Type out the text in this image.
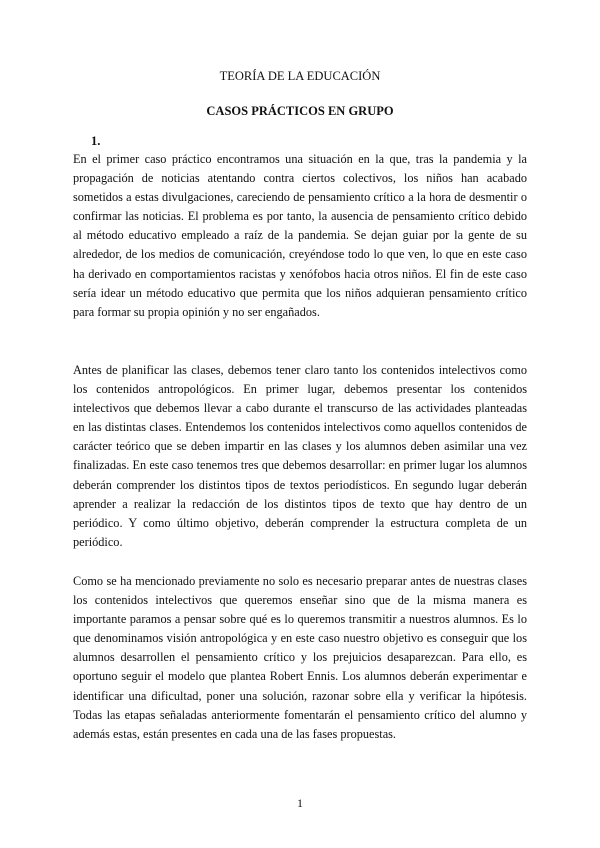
TEORÍA DE LA EDUCACIÓN
CASOS PRÁCTICOS EN GRUPO
1.

En el primer caso práctico encontramos una situación en la que, tras la pandemia y la propagación de noticias atentando contra ciertos colectivos, los niños han acabado sometidos a estas divulgaciones, careciendo de pensamiento crítico a la hora de desmentir o confirmar las noticias. El problema es por tanto, la ausencia de pensamiento crítico debido al método educativo empleado a raíz de la pandemia. Se dejan guiar por la gente de su alrededor, de los medios de comunicación, creyéndose todo lo que ven, lo que en este caso ha derivado en comportamientos racistas y xenófobos hacia otros niños. El fin de este caso sería idear un método educativo que permita que los niños adquieran pensamiento crítico para formar su propia opinión y no ser engañados.

Antes de planificar las clases, debemos tener claro tanto los contenidos intelectivos como los contenidos antropológicos. En primer lugar, debemos presentar los contenidos intelectivos que debemos llevar a cabo durante el transcurso de las actividades planteadas en las distintas clases. Entendemos los contenidos intelectivos como aquellos contenidos de carácter teórico que se deben impartir en las clases y los alumnos deben asimilar una vez finalizadas. En este caso tenemos tres que debemos desarrollar: en primer lugar los alumnos deberán comprender los distintos tipos de textos periodísticos. En segundo lugar deberán aprender a realizar la redacción de los distintos tipos de texto que hay dentro de un periódico. Y como último objetivo, deberán comprender la estructura completa de un periódico.

Como se ha mencionado previamente no solo es necesario preparar antes de nuestras clases los contenidos intelectivos que queremos enseñar sino que de la misma manera es importante paramos a pensar sobre qué es lo queremos transmitir a nuestros alumnos. Es lo que denominamos visión antropológica y en este caso nuestro objetivo es conseguir que los alumnos desarrollen el pensamiento crítico y los prejuicios desaparezcan. Para ello, es oportuno seguir el modelo que plantea Robert Ennis. Los alumnos deberán experimentar e identificar una dificultad, poner una solución, razonar sobre ella y verificar la hipótesis. Todas las etapas señaladas anteriormente fomentarán el pensamiento crítico del alumno y además estas, están presentes en cada una de las fases propuestas.

1
